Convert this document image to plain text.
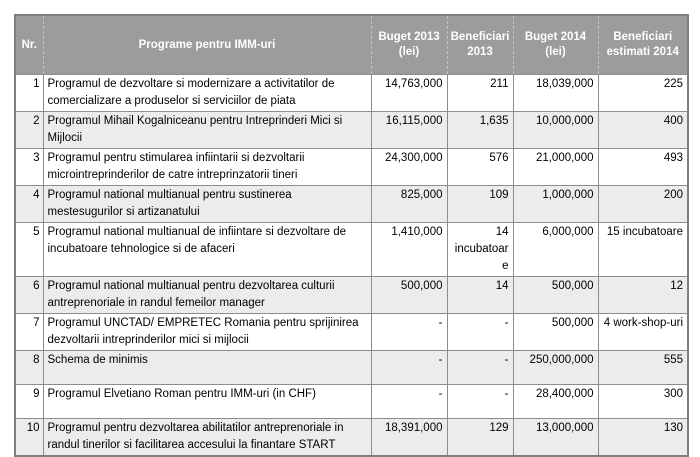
Nr.	Programe pentru IMM-uri	Buget 2013 (lei)	Beneficiari 2013	Buget 2014 (lei)	Beneficiari estimati 2014
1	Programul de dezvoltare si modernizare a activitatilor de comercializare a produselor si serviciilor de piata	14,763,000	211	18,039,000	225
2	Programul Mihail Kogalniceanu pentru Intreprinderi Mici si Mijlocii	16,115,000	1,635	10,000,000	400
3	Programul pentru stimularea infiintarii si dezvoltarii microintreprinderilor de catre intreprinzatorii tineri	24,300,000	576	21,000,000	493
4	Programul national multianual pentru sustinerea mestesugurilor si artizanatului	825,000	109	1,000,000	200
5	Programul national multianual de infiintare si dezvoltare de incubatoare tehnologice si de afaceri	1,410,000	14 incubatoare	6,000,000	15 incubatoare
6	Programul national multianual pentru dezvoltarea culturii antreprenoriale in randul femeilor manager	500,000	14	500,000	12
7	Programul UNCTAD/ EMPRETEC Romania pentru sprijinirea dezvoltarii intreprinderilor mici si mijlocii	-	-	500,000	4 work-shop-uri
8	Schema de minimis	-	-	250,000,000	555
9	Programul Elvetiano Roman pentru IMM-uri (in CHF)	-	-	28,400,000	300
10	Programul pentru dezvoltarea abilitatilor antreprenoriale in randul tinerilor si facilitarea accesului la finantare START	18,391,000	129	13,000,000	130
